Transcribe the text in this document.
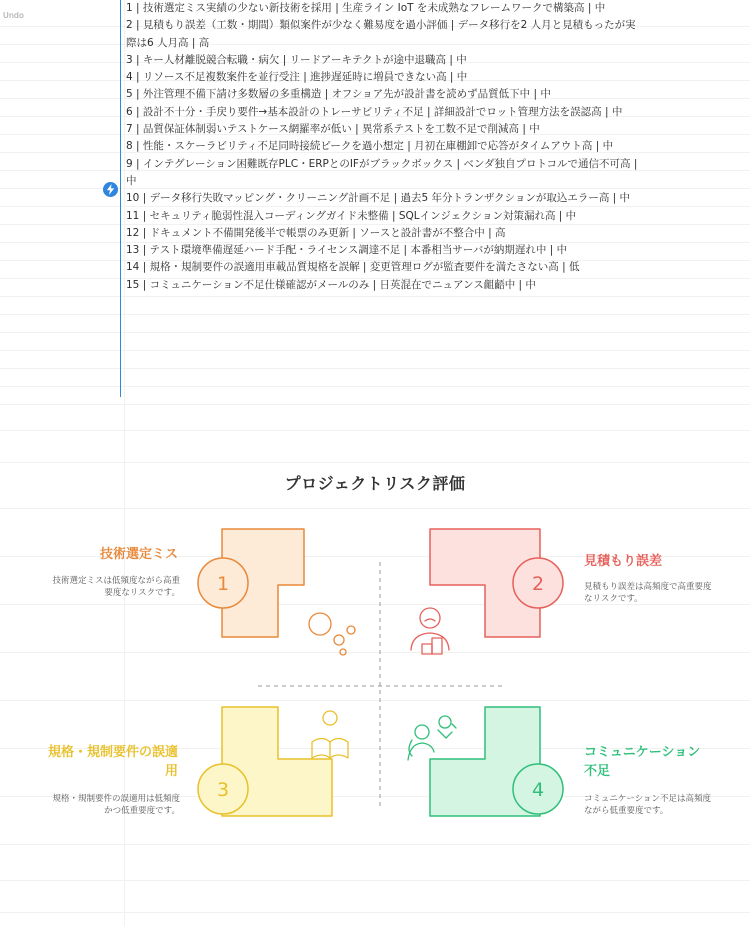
Undo
1 | 技術選定ミス実績の少ない新技術を採用 | 生産ライン IoT を未成熟なフレームワークで構築高 | 中
2 | 見積もり誤差（工数・期間）類似案件が少なく難易度を過小評価 | データ移行を2 人月と見積もったが実際は6 人月高 | 高
3 | キー人材離脱競合転職・病欠 | リードアーキテクトが途中退職高 | 中
4 | リソース不足複数案件を並行受注 | 進捗遅延時に増員できない高 | 中
5 | 外注管理不備下請け多数層の多重構造 | オフショア先が設計書を読めず品質低下中 | 中
6 | 設計不十分・手戻り要件→基本設計のトレーサビリティ不足 | 詳細設計でロット管理方法を誤認高 | 中
7 | 品質保証体制弱いテストケース網羅率が低い | 異常系テストを工数不足で削減高 | 中
8 | 性能・スケーラビリティ不足同時接続ピークを過小想定 | 月初在庫棚卸で応答がタイムアウト高 | 中
9 | インテグレーション困難既存PLC・ERPとのIFがブラックボックス | ベンダ独自プロトコルで通信不可高 | 中
10 | データ移行失敗マッピング・クリーニング計画不足 | 過去5 年分トランザクションが取込エラー高 | 中
11 | セキュリティ脆弱性混入コーディングガイド未整備 | SQLインジェクション対策漏れ高 | 中
12 | ドキュメント不備開発後半で帳票のみ更新 | ソースと設計書が不整合中 | 高
13 | テスト環境準備遅延ハード手配・ライセンス調達不足 | 本番相当サーバが納期遅れ中 | 中
14 | 規格・規制要件の誤適用車載品質規格を誤解 | 変更管理ログが監査要件を満たさない高 | 低
15 | コミュニケーション不足仕様確認がメールのみ | 日英混在でニュアンス齟齬中 | 中
プロジェクトリスク評価
1	2
3	4
技術選定ミス
技術選定ミスは低頻度ながら高重要度なリスクです。
見積もり誤差
見積もり誤差は高頻度で高重要度なリスクです。
規格・規制要件の誤適用
規格・規制要件の誤適用は低頻度かつ低重要度です。
コミュニケーション不足
コミュニケーション不足は高頻度ながら低重要度です。
